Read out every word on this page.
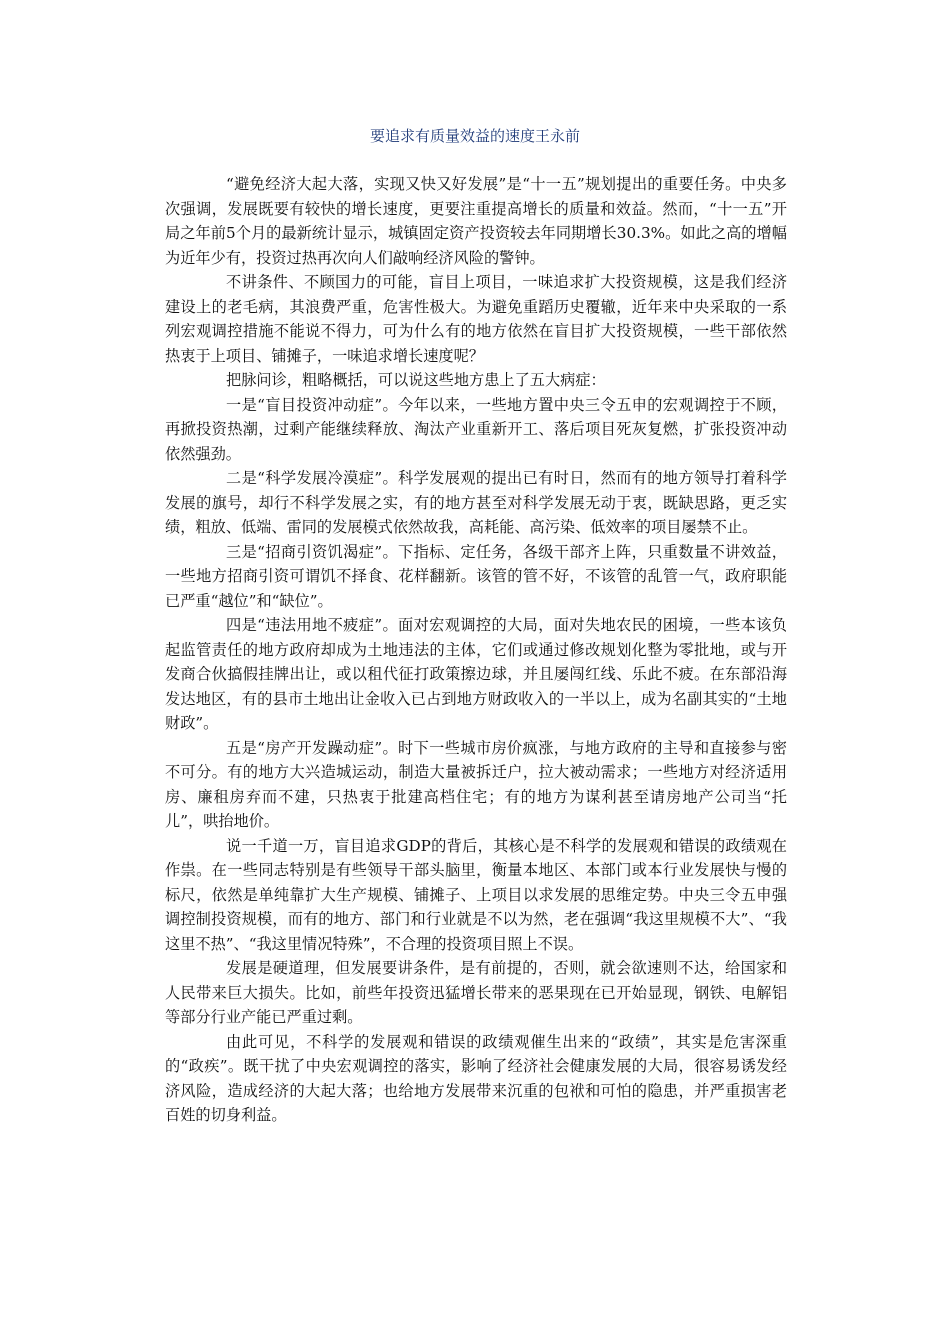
要追求有质量效益的速度王永前

“避免经济大起大落，实现又快又好发展”是“十一五”规划提出的重要任务。中央多次强调，发展既要有较快的增长速度，更要注重提高增长的质量和效益。然而，“十一五”开局之年前5个月的最新统计显示，城镇固定资产投资较去年同期增长30.3%。如此之高的增幅为近年少有，投资过热再次向人们敲响经济风险的警钟。

不讲条件、不顾国力的可能，盲目上项目，一味追求扩大投资规模，这是我们经济建设上的老毛病，其浪费严重，危害性极大。为避免重蹈历史覆辙，近年来中央采取的一系列宏观调控措施不能说不得力，可为什么有的地方依然在盲目扩大投资规模，一些干部依然热衷于上项目、铺摊子，一味追求增长速度呢？

把脉问诊，粗略概括，可以说这些地方患上了五大病症：

一是“盲目投资冲动症”。今年以来，一些地方置中央三令五申的宏观调控于不顾，再掀投资热潮，过剩产能继续释放、淘汰产业重新开工、落后项目死灰复燃，扩张投资冲动依然强劲。

二是“科学发展冷漠症”。科学发展观的提出已有时日，然而有的地方领导打着科学发展的旗号，却行不科学发展之实，有的地方甚至对科学发展无动于衷，既缺思路，更乏实绩，粗放、低端、雷同的发展模式依然故我，高耗能、高污染、低效率的项目屡禁不止。

三是“招商引资饥渴症”。下指标、定任务，各级干部齐上阵，只重数量不讲效益，一些地方招商引资可谓饥不择食、花样翻新。该管的管不好，不该管的乱管一气，政府职能已严重“越位”和“缺位”。

四是“违法用地不疲症”。面对宏观调控的大局，面对失地农民的困境，一些本该负起监管责任的地方政府却成为土地违法的主体，它们或通过修改规划化整为零批地，或与开发商合伙搞假挂牌出让，或以租代征打政策擦边球，并且屡闯红线、乐此不疲。在东部沿海发达地区，有的县市土地出让金收入已占到地方财政收入的一半以上，成为名副其实的“土地财政”。

五是“房产开发躁动症”。时下一些城市房价疯涨，与地方政府的主导和直接参与密不可分。有的地方大兴造城运动，制造大量被拆迁户，拉大被动需求；一些地方对经济适用房、廉租房弃而不建，只热衷于批建高档住宅；有的地方为谋利甚至请房地产公司当“托儿”，哄抬地价。

说一千道一万，盲目追求GDP的背后，其核心是不科学的发展观和错误的政绩观在作祟。在一些同志特别是有些领导干部头脑里，衡量本地区、本部门或本行业发展快与慢的标尺，依然是单纯靠扩大生产规模、铺摊子、上项目以求发展的思维定势。中央三令五申强调控制投资规模，而有的地方、部门和行业就是不以为然，老在强调“我这里规模不大”、“我这里不热”、“我这里情况特殊”，不合理的投资项目照上不误。

发展是硬道理，但发展要讲条件，是有前提的，否则，就会欲速则不达，给国家和人民带来巨大损失。比如，前些年投资迅猛增长带来的恶果现在已开始显现，钢铁、电解铝等部分行业产能已严重过剩。

由此可见，不科学的发展观和错误的政绩观催生出来的“政绩”，其实是危害深重的“政疾”。既干扰了中央宏观调控的落实，影响了经济社会健康发展的大局，很容易诱发经济风险，造成经济的大起大落；也给地方发展带来沉重的包袱和可怕的隐患，并严重损害老百姓的切身利益。
